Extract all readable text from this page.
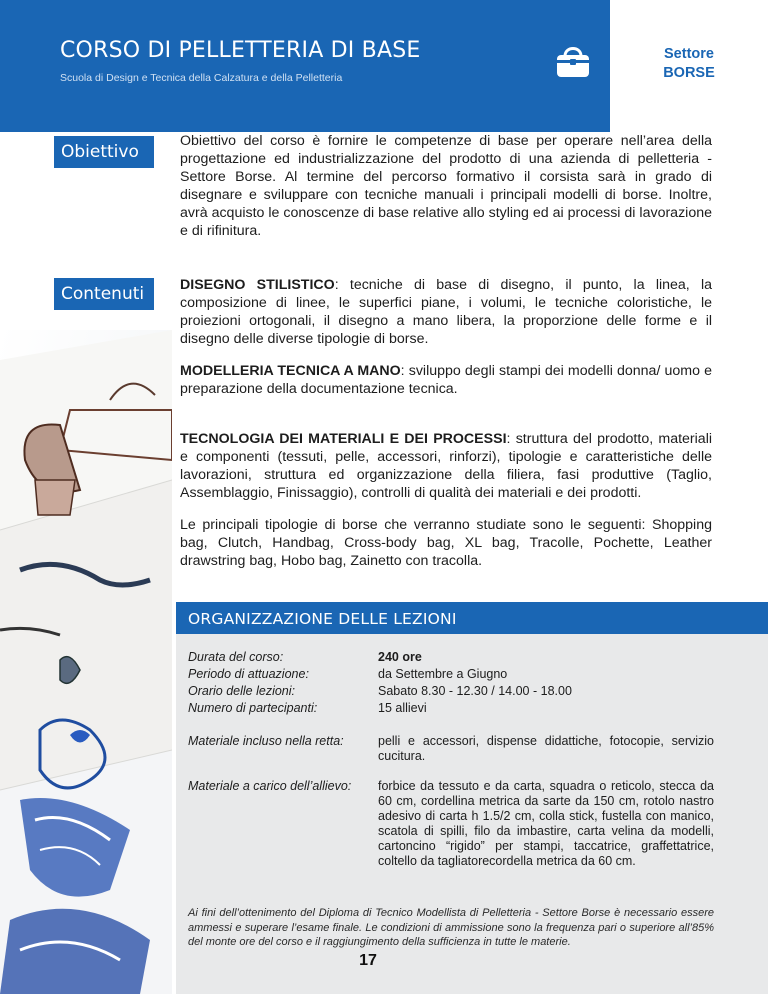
CORSO DI PELLETTERIA DI BASE
Scuola di Design e Tecnica della Calzatura e della Pelletteria
Settore
BORSE
Obiettivo
Obiettivo del corso è fornire le competenze di base per operare nell’area della progettazione ed industrializzazione del prodotto di una azienda di pelletteria - Settore Borse. Al termine del percorso formativo il corsista sarà in grado di disegnare e sviluppare con tecniche manuali i principali modelli di borse. Inoltre, avrà acquisto le conoscenze di base relative allo styling ed ai processi di lavorazione e di rifinitura.
Contenuti	DISEGNO STILISTICO: tecniche di base di disegno, il punto, la linea, la composizione di linee, le superfici piane, i volumi, le tecniche coloristiche, le proiezioni ortogonali, il disegno a mano libera, la proporzione delle forme e il disegno delle diverse tipologie di borse.
MODELLERIA TECNICA A MANO: sviluppo degli stampi dei modelli donna/ uomo e preparazione della documentazione tecnica.
TECNOLOGIA DEI MATERIALI E DEI PROCESSI: struttura del prodotto, materiali e componenti (tessuti, pelle, accessori, rinforzi), tipologie e caratteristiche delle lavorazioni, struttura ed organizzazione della filiera, fasi produttive (Taglio, Assemblaggio, Finissaggio), controlli di qualità dei materiali e dei prodotti.
Le principali tipologie di borse che verranno studiate sono le seguenti: Shopping bag, Clutch, Handbag, Cross-body bag, XL bag, Tracolle, Pochette, Leather drawstring bag, Hobo bag, Zainetto con tracolla.
ORGANIZZAZIONE DELLE LEZIONI
Durata del corso:	240 ore
Periodo di attuazione:	da Settembre a Giugno
Orario delle lezioni:	Sabato 8.30 - 12.30 / 14.00 - 18.00
Numero di partecipanti:	15 allievi
Materiale incluso nella retta:	pelli e accessori, dispense didattiche, fotocopie, servizio cucitura.
Materiale a carico dell’allievo: forbice da tessuto e da carta, squadra o reticolo, stecca da 60 cm, cordellina metrica da sarte da 150 cm, rotolo nastro adesivo di carta h 1.5/2 cm, colla stick, fustella con manico, scatola di spilli, filo da imbastire, carta velina da modelli, cartoncino “rigido” per stampi, taccatrice, graffettatrice, coltello da tagliatorecordella metrica da 60 cm.
Ai fini dell’ottenimento del Diploma di Tecnico Modellista di Pelletteria - Settore Borse è necessario essere ammessi e superare l’esame finale. Le condizioni di ammissione sono la frequenza pari o superiore all’85% del monte ore del corso e il raggiungimento della sufficienza in tutte le materie.
17
